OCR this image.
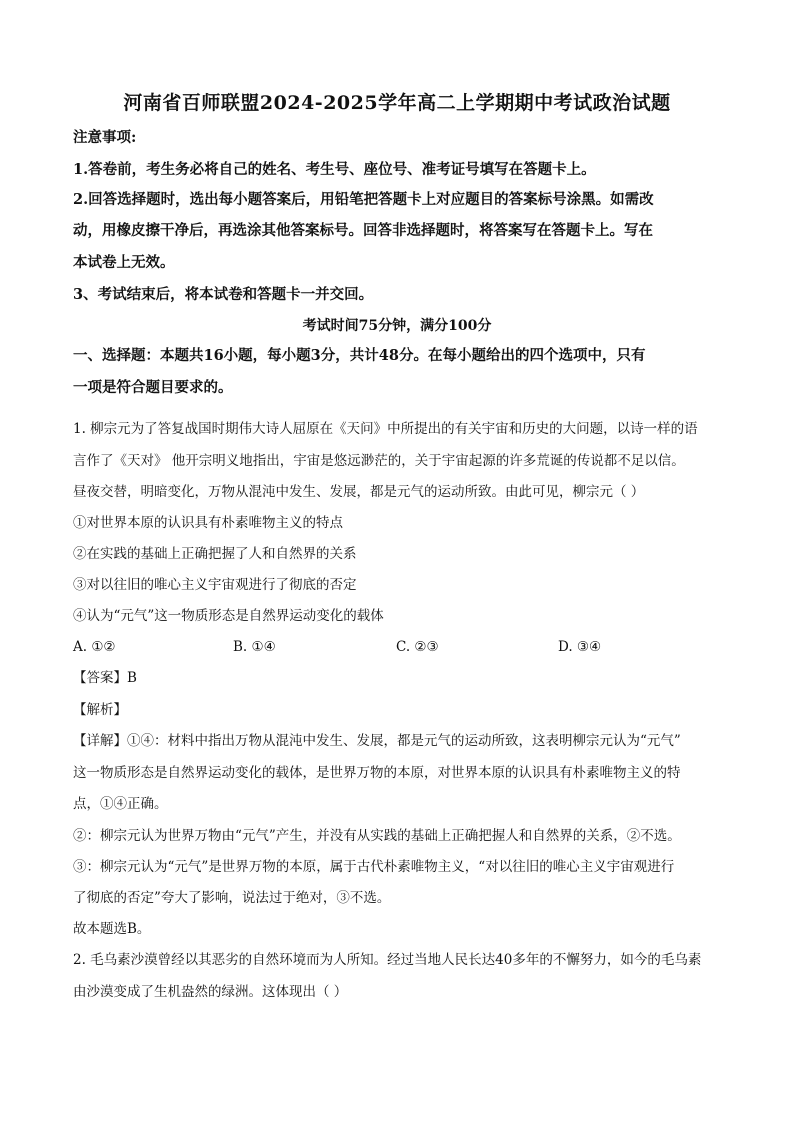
河南省百师联盟2024-2025学年高二上学期期中考试政治试题
注意事项:
1.答卷前，考生务必将自己的姓名、考生号、座位号、准考证号填写在答题卡上。
2.回答选择题时，选出每小题答案后，用铅笔把答题卡上对应题目的答案标号涂黑。如需改
动，用橡皮擦干净后，再选涂其他答案标号。回答非选择题时，将答案写在答题卡上。写在
本试卷上无效。
3、考试结束后，将本试卷和答题卡一并交回。
考试时间75分钟，满分100分
一、选择题：本题共16小题，每小题3分，共计48分。在每小题给出的四个选项中，只有
一项是符合题目要求的。
1. 柳宗元为了答复战国时期伟大诗人屈原在《天问》中所提出的有关宇宙和历史的大问题，以诗一样的语
言作了《天对》 他开宗明义地指出，宇宙是悠远渺茫的，关于宇宙起源的许多荒诞的传说都不足以信。
昼夜交替，明暗变化，万物从混沌中发生、发展，都是元气的运动所致。由此可见，柳宗元（ ）
①对世界本原的认识具有朴素唯物主义的特点
②在实践的基础上正确把握了人和自然界的关系
③对以往旧的唯心主义宇宙观进行了彻底的否定
④认为“元气”这一物质形态是自然界运动变化的载体
A. ①②	B. ①④	C. ②③	D. ③④
【答案】B
【解析】
【详解】①④：材料中指出万物从混沌中发生、发展，都是元气的运动所致，这表明柳宗元认为“元气”
这一物质形态是自然界运动变化的载体，是世界万物的本原，对世界本原的认识具有朴素唯物主义的特
点，①④正确。
②：柳宗元认为世界万物由“元气”产生，并没有从实践的基础上正确把握人和自然界的关系，②不选。
③：柳宗元认为“元气”是世界万物的本原，属于古代朴素唯物主义，“对以往旧的唯心主义宇宙观进行
了彻底的否定”夸大了影响，说法过于绝对，③不选。
故本题选B。
2. 毛乌素沙漠曾经以其恶劣的自然环境而为人所知。经过当地人民长达40多年的不懈努力，如今的毛乌素
由沙漠变成了生机盎然的绿洲。这体现出（ ）
